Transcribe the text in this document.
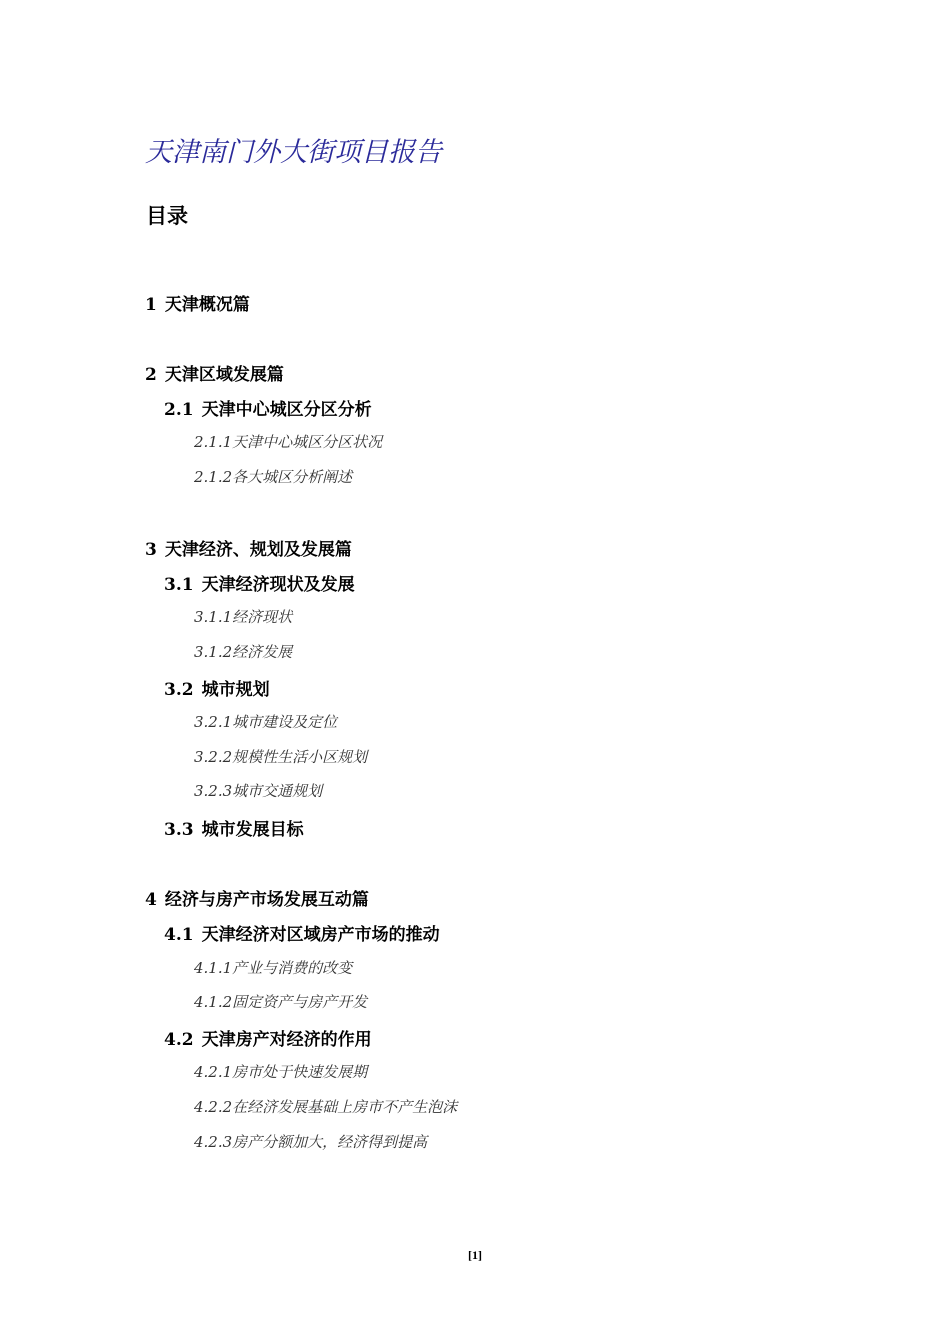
天津南门外大街项目报告
目录
1 天津概况篇
2 天津区域发展篇
2.1 天津中心城区分区分析
2.1.1天津中心城区分区状况
2.1.2各大城区分析阐述
3 天津经济、规划及发展篇
3.1 天津经济现状及发展
3.1.1经济现状
3.1.2经济发展
3.2 城市规划
3.2.1城市建设及定位
3.2.2规模性生活小区规划
3.2.3城市交通规划
3.3 城市发展目标
4 经济与房产市场发展互动篇
4.1 天津经济对区域房产市场的推动
4.1.1产业与消费的改变
4.1.2固定资产与房产开发
4.2 天津房产对经济的作用
4.2.1房市处于快速发展期
4.2.2在经济发展基础上房市不产生泡沫
4.2.3房产分额加大，经济得到提高
[1]
